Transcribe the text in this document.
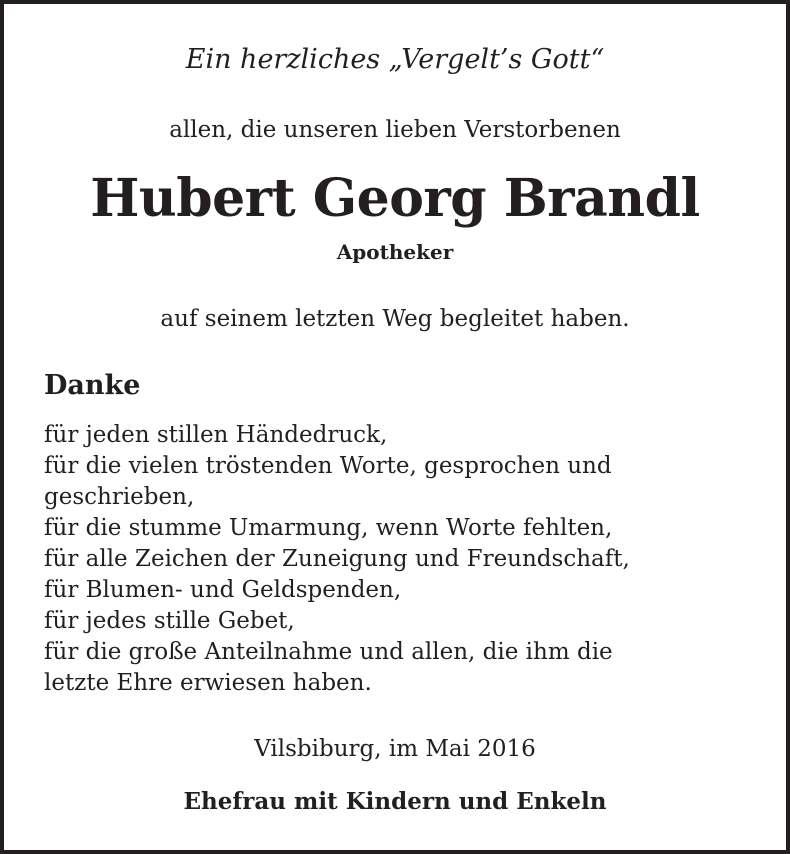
Ein herzliches „Vergelt’s Gott“
allen, die unseren lieben Verstorbenen
Hubert Georg Brandl
Apotheker
auf seinem letzten Weg begleitet haben.
Danke
für jeden stillen Händedruck,
für die vielen tröstenden Worte, gesprochen und
geschrieben,
für die stumme Umarmung, wenn Worte fehlten,
für alle Zeichen der Zuneigung und Freundschaft,
für Blumen- und Geldspenden,
für jedes stille Gebet,
für die große Anteilnahme und allen, die ihm die
letzte Ehre erwiesen haben.
Vilsbiburg, im Mai 2016
Ehefrau mit Kindern und Enkeln
